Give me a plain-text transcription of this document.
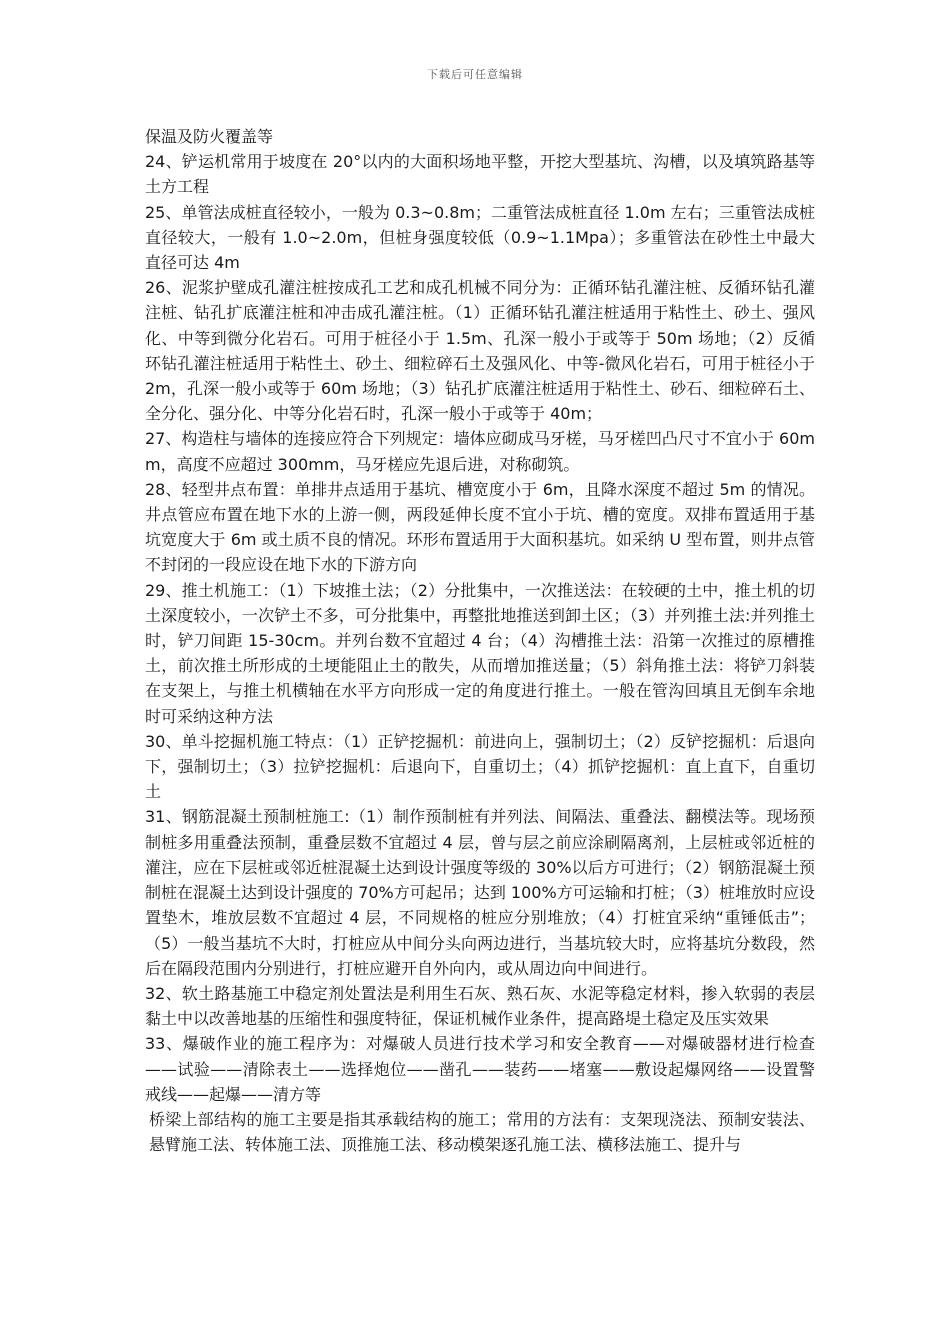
下载后可任意编辑

保温及防火覆盖等

24、铲运机常用于坡度在 20°以内的大面积场地平整，开挖大型基坑、沟槽，以及填筑路基等土方工程

25、单管法成桩直径较小，一般为 0.3~0.8m；二重管法成桩直径 1.0m 左右；三重管法成桩直径较大，一般有 1.0~2.0m，但桩身强度较低（0.9~1.1Mpa）；多重管法在砂性土中最大直径可达 4m

26、泥浆护壁成孔灌注桩按成孔工艺和成孔机械不同分为：正循环钻孔灌注桩、反循环钻孔灌注桩、钻孔扩底灌注桩和冲击成孔灌注桩。（1）正循环钻孔灌注桩适用于粘性土、砂土、强风化、中等到微分化岩石。可用于桩径小于 1.5m、孔深一般小于或等于 50m 场地；（2）反循环钻孔灌注桩适用于粘性土、砂土、细粒碎石土及强风化、中等-微风化岩石，可用于桩径小于 2m，孔深一般小或等于 60m 场地；（3）钻孔扩底灌注桩适用于粘性土、砂石、细粒碎石土、全分化、强分化、中等分化岩石时，孔深一般小于或等于 40m；

27、构造柱与墙体的连接应符合下列规定：墙体应砌成马牙槎，马牙槎凹凸尺寸不宜小于 60mm，高度不应超过 300mm，马牙槎应先退后进，对称砌筑。

28、轻型井点布置：单排井点适用于基坑、槽宽度小于 6m，且降水深度不超过 5m 的情况。井点管应布置在地下水的上游一侧，两段延伸长度不宜小于坑、槽的宽度。双排布置适用于基坑宽度大于 6m 或土质不良的情况。环形布置适用于大面积基坑。如采纳 U 型布置，则井点管不封闭的一段应设在地下水的下游方向

29、推土机施工：（1）下坡推土法；（2）分批集中，一次推送法：在较硬的土中，推土机的切土深度较小，一次铲土不多，可分批集中，再整批地推送到卸土区；（3）并列推土法:并列推土时，铲刀间距 15-30cm。并列台数不宜超过 4 台；（4）沟槽推土法：沿第一次推过的原槽推土，前次推土所形成的土埂能阻止土的散失，从而增加推送量；（5）斜角推土法：将铲刀斜装在支架上，与推土机横轴在水平方向形成一定的角度进行推土。一般在管沟回填且无倒车余地时可采纳这种方法

30、单斗挖掘机施工特点：（1）正铲挖掘机：前进向上，强制切土；（2）反铲挖掘机：后退向下，强制切土；（3）拉铲挖掘机：后退向下，自重切土；（4）抓铲挖掘机：直上直下，自重切土

31、钢筋混凝土预制桩施工:（1）制作预制桩有并列法、间隔法、重叠法、翻模法等。现场预制桩多用重叠法预制，重叠层数不宜超过 4 层，曾与层之前应涂刷隔离剂，上层桩或邻近桩的灌注，应在下层桩或邻近桩混凝土达到设计强度等级的 30%以后方可进行；（2）钢筋混凝土预制桩在混凝土达到设计强度的 70%方可起吊；达到 100%方可运输和打桩；（3）桩堆放时应设置垫木，堆放层数不宜超过 4 层，不同规格的桩应分别堆放；（4）打桩宜采纳“重锤低击”；（5）一般当基坑不大时，打桩应从中间分头向两边进行，当基坑较大时，应将基坑分数段，然后在隔段范围内分别进行，打桩应避开自外向内，或从周边向中间进行。

32、软土路基施工中稳定剂处置法是利用生石灰、熟石灰、水泥等稳定材料，掺入软弱的表层黏土中以改善地基的压缩性和强度特征，保证机械作业条件，提高路堤土稳定及压实效果

33、爆破作业的施工程序为：对爆破人员进行技术学习和安全教育——对爆破器材进行检查——试验——清除表土——选择炮位——凿孔——装药——堵塞——敷设起爆网络——设置警戒线——起爆——清方等

桥梁上部结构的施工主要是指其承载结构的施工；常用的方法有：支架现浇法、预制安装法、悬臂施工法、转体施工法、顶推施工法、移动模架逐孔施工法、横移法施工、提升与
